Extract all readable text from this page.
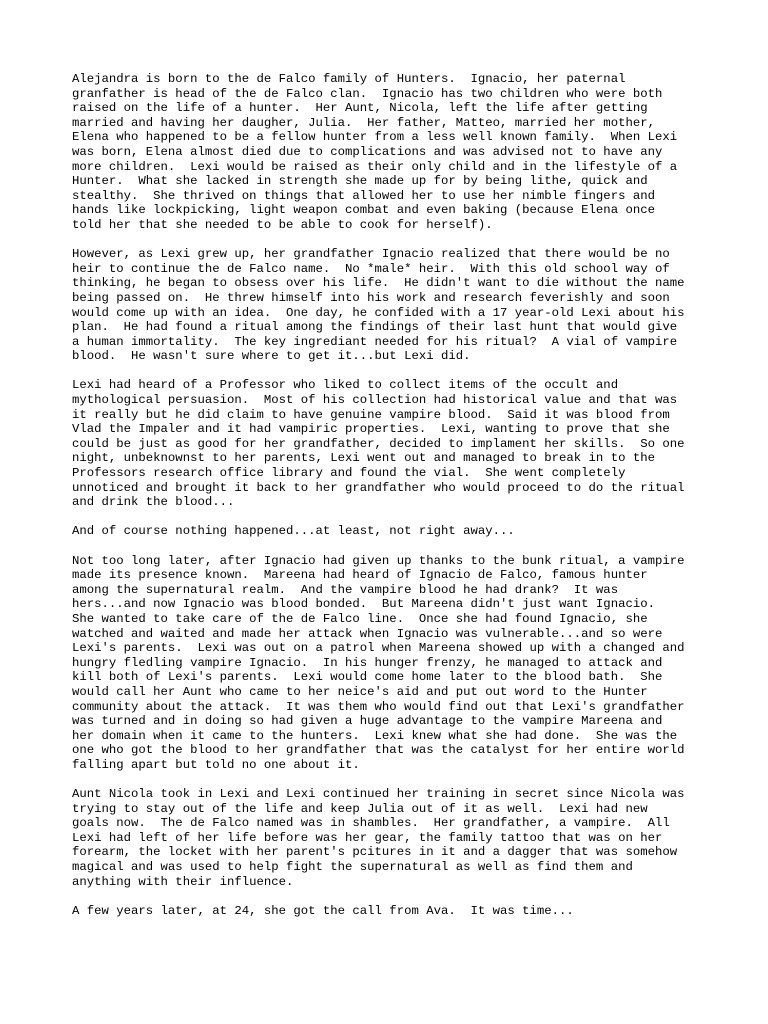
Alejandra is born to the de Falco family of Hunters.  Ignacio, her paternal
granfather is head of the de Falco clan.  Ignacio has two children who were both
raised on the life of a hunter.  Her Aunt, Nicola, left the life after getting
married and having her daugher, Julia.  Her father, Matteo, married her mother,
Elena who happened to be a fellow hunter from a less well known family.  When Lexi
was born, Elena almost died due to complications and was advised not to have any
more children.  Lexi would be raised as their only child and in the lifestyle of a
Hunter.  What she lacked in strength she made up for by being lithe, quick and
stealthy.  She thrived on things that allowed her to use her nimble fingers and
hands like lockpicking, light weapon combat and even baking (because Elena once
told her that she needed to be able to cook for herself).

However, as Lexi grew up, her grandfather Ignacio realized that there would be no
heir to continue the de Falco name.  No *male* heir.  With this old school way of
thinking, he began to obsess over his life.  He didn't want to die without the name
being passed on.  He threw himself into his work and research feverishly and soon
would come up with an idea.  One day, he confided with a 17 year-old Lexi about his
plan.  He had found a ritual among the findings of their last hunt that would give
a human immortality.  The key ingrediant needed for his ritual?  A vial of vampire
blood.  He wasn't sure where to get it...but Lexi did.

Lexi had heard of a Professor who liked to collect items of the occult and
mythological persuasion.  Most of his collection had historical value and that was
it really but he did claim to have genuine vampire blood.  Said it was blood from
Vlad the Impaler and it had vampiric properties.  Lexi, wanting to prove that she
could be just as good for her grandfather, decided to implament her skills.  So one
night, unbeknownst to her parents, Lexi went out and managed to break in to the
Professors research office library and found the vial.  She went completely
unnoticed and brought it back to her grandfather who would proceed to do the ritual
and drink the blood...

And of course nothing happened...at least, not right away...

Not too long later, after Ignacio had given up thanks to the bunk ritual, a vampire
made its presence known.  Mareena had heard of Ignacio de Falco, famous hunter
among the supernatural realm.  And the vampire blood he had drank?  It was
hers...and now Ignacio was blood bonded.  But Mareena didn't just want Ignacio.
She wanted to take care of the de Falco line.  Once she had found Ignacio, she
watched and waited and made her attack when Ignacio was vulnerable...and so were
Lexi's parents.  Lexi was out on a patrol when Mareena showed up with a changed and
hungry fledling vampire Ignacio.  In his hunger frenzy, he managed to attack and
kill both of Lexi's parents.  Lexi would come home later to the blood bath.  She
would call her Aunt who came to her neice's aid and put out word to the Hunter
community about the attack.  It was them who would find out that Lexi's grandfather
was turned and in doing so had given a huge advantage to the vampire Mareena and
her domain when it came to the hunters.  Lexi knew what she had done.  She was the
one who got the blood to her grandfather that was the catalyst for her entire world
falling apart but told no one about it.

Aunt Nicola took in Lexi and Lexi continued her training in secret since Nicola was
trying to stay out of the life and keep Julia out of it as well.  Lexi had new
goals now.  The de Falco named was in shambles.  Her grandfather, a vampire.  All
Lexi had left of her life before was her gear, the family tattoo that was on her
forearm, the locket with her parent's pcitures in it and a dagger that was somehow
magical and was used to help fight the supernatural as well as find them and
anything with their influence.

A few years later, at 24, she got the call from Ava.  It was time...
